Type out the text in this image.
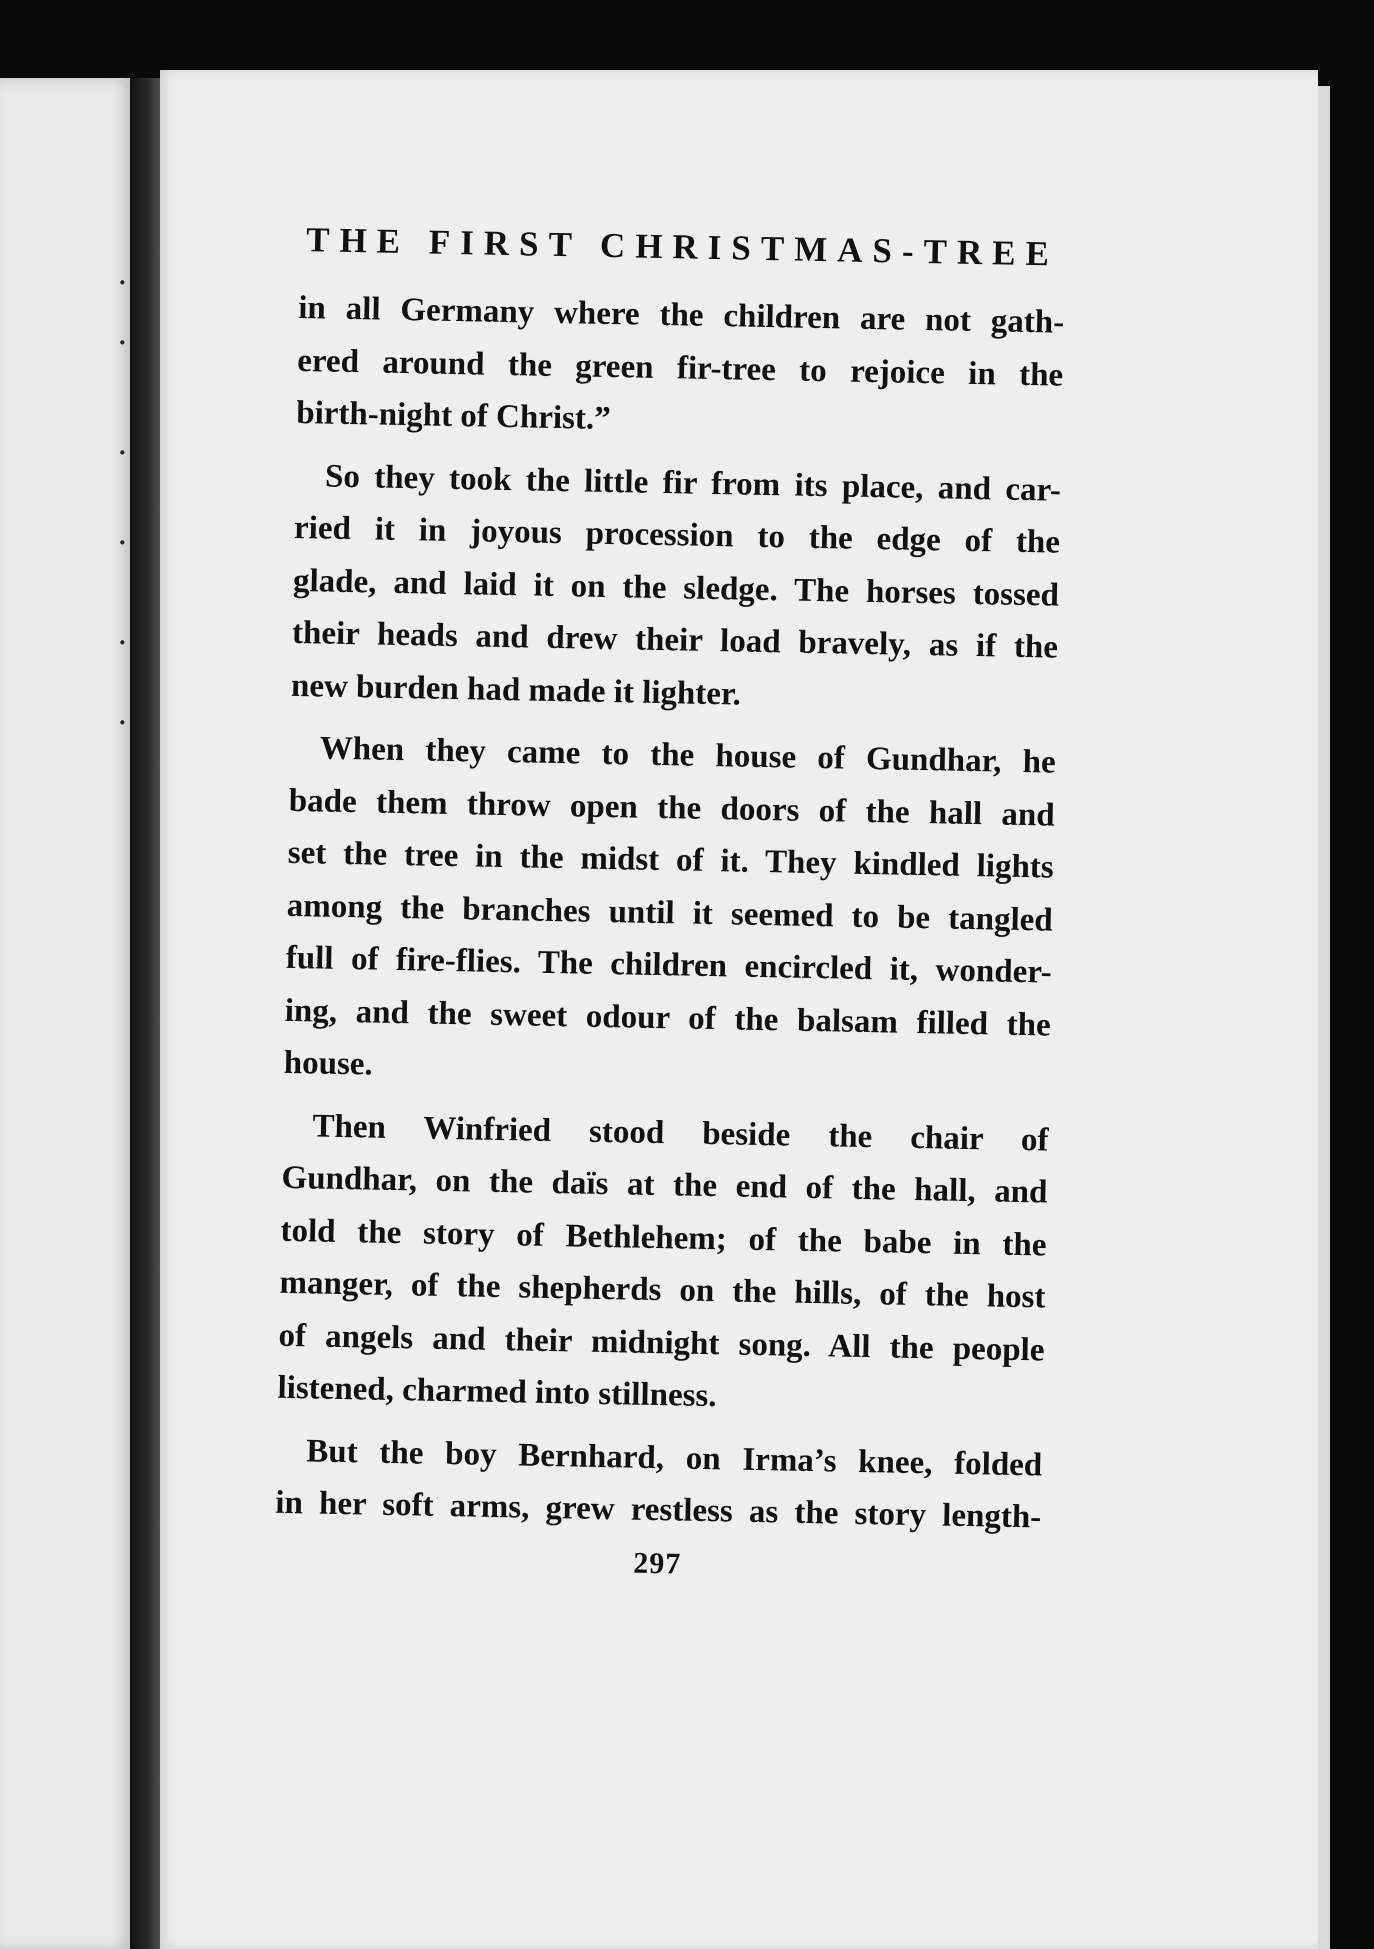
·
·
·
·
·
·
THE FIRST CHRISTMAS-TREE

in all Germany where the children are not gath-
ered around the green fir-tree to rejoice in the
birth-night of Christ.”

So they took the little fir from its place, and car-
ried it in joyous procession to the edge of the
glade, and laid it on the sledge. The horses tossed
their heads and drew their load bravely, as if the
new burden had made it lighter.

When they came to the house of Gundhar, he
bade them throw open the doors of the hall and
set the tree in the midst of it. They kindled lights
among the branches until it seemed to be tangled
full of fire-flies. The children encircled it, wonder-
ing, and the sweet odour of the balsam filled the
house.

Then Winfried stood beside the chair of
Gundhar, on the daïs at the end of the hall, and
told the story of Bethlehem; of the babe in the
manger, of the shepherds on the hills, of the host
of angels and their midnight song. All the people
listened, charmed into stillness.

But the boy Bernhard, on Irma’s knee, folded
in her soft arms, grew restless as the story length-

297
